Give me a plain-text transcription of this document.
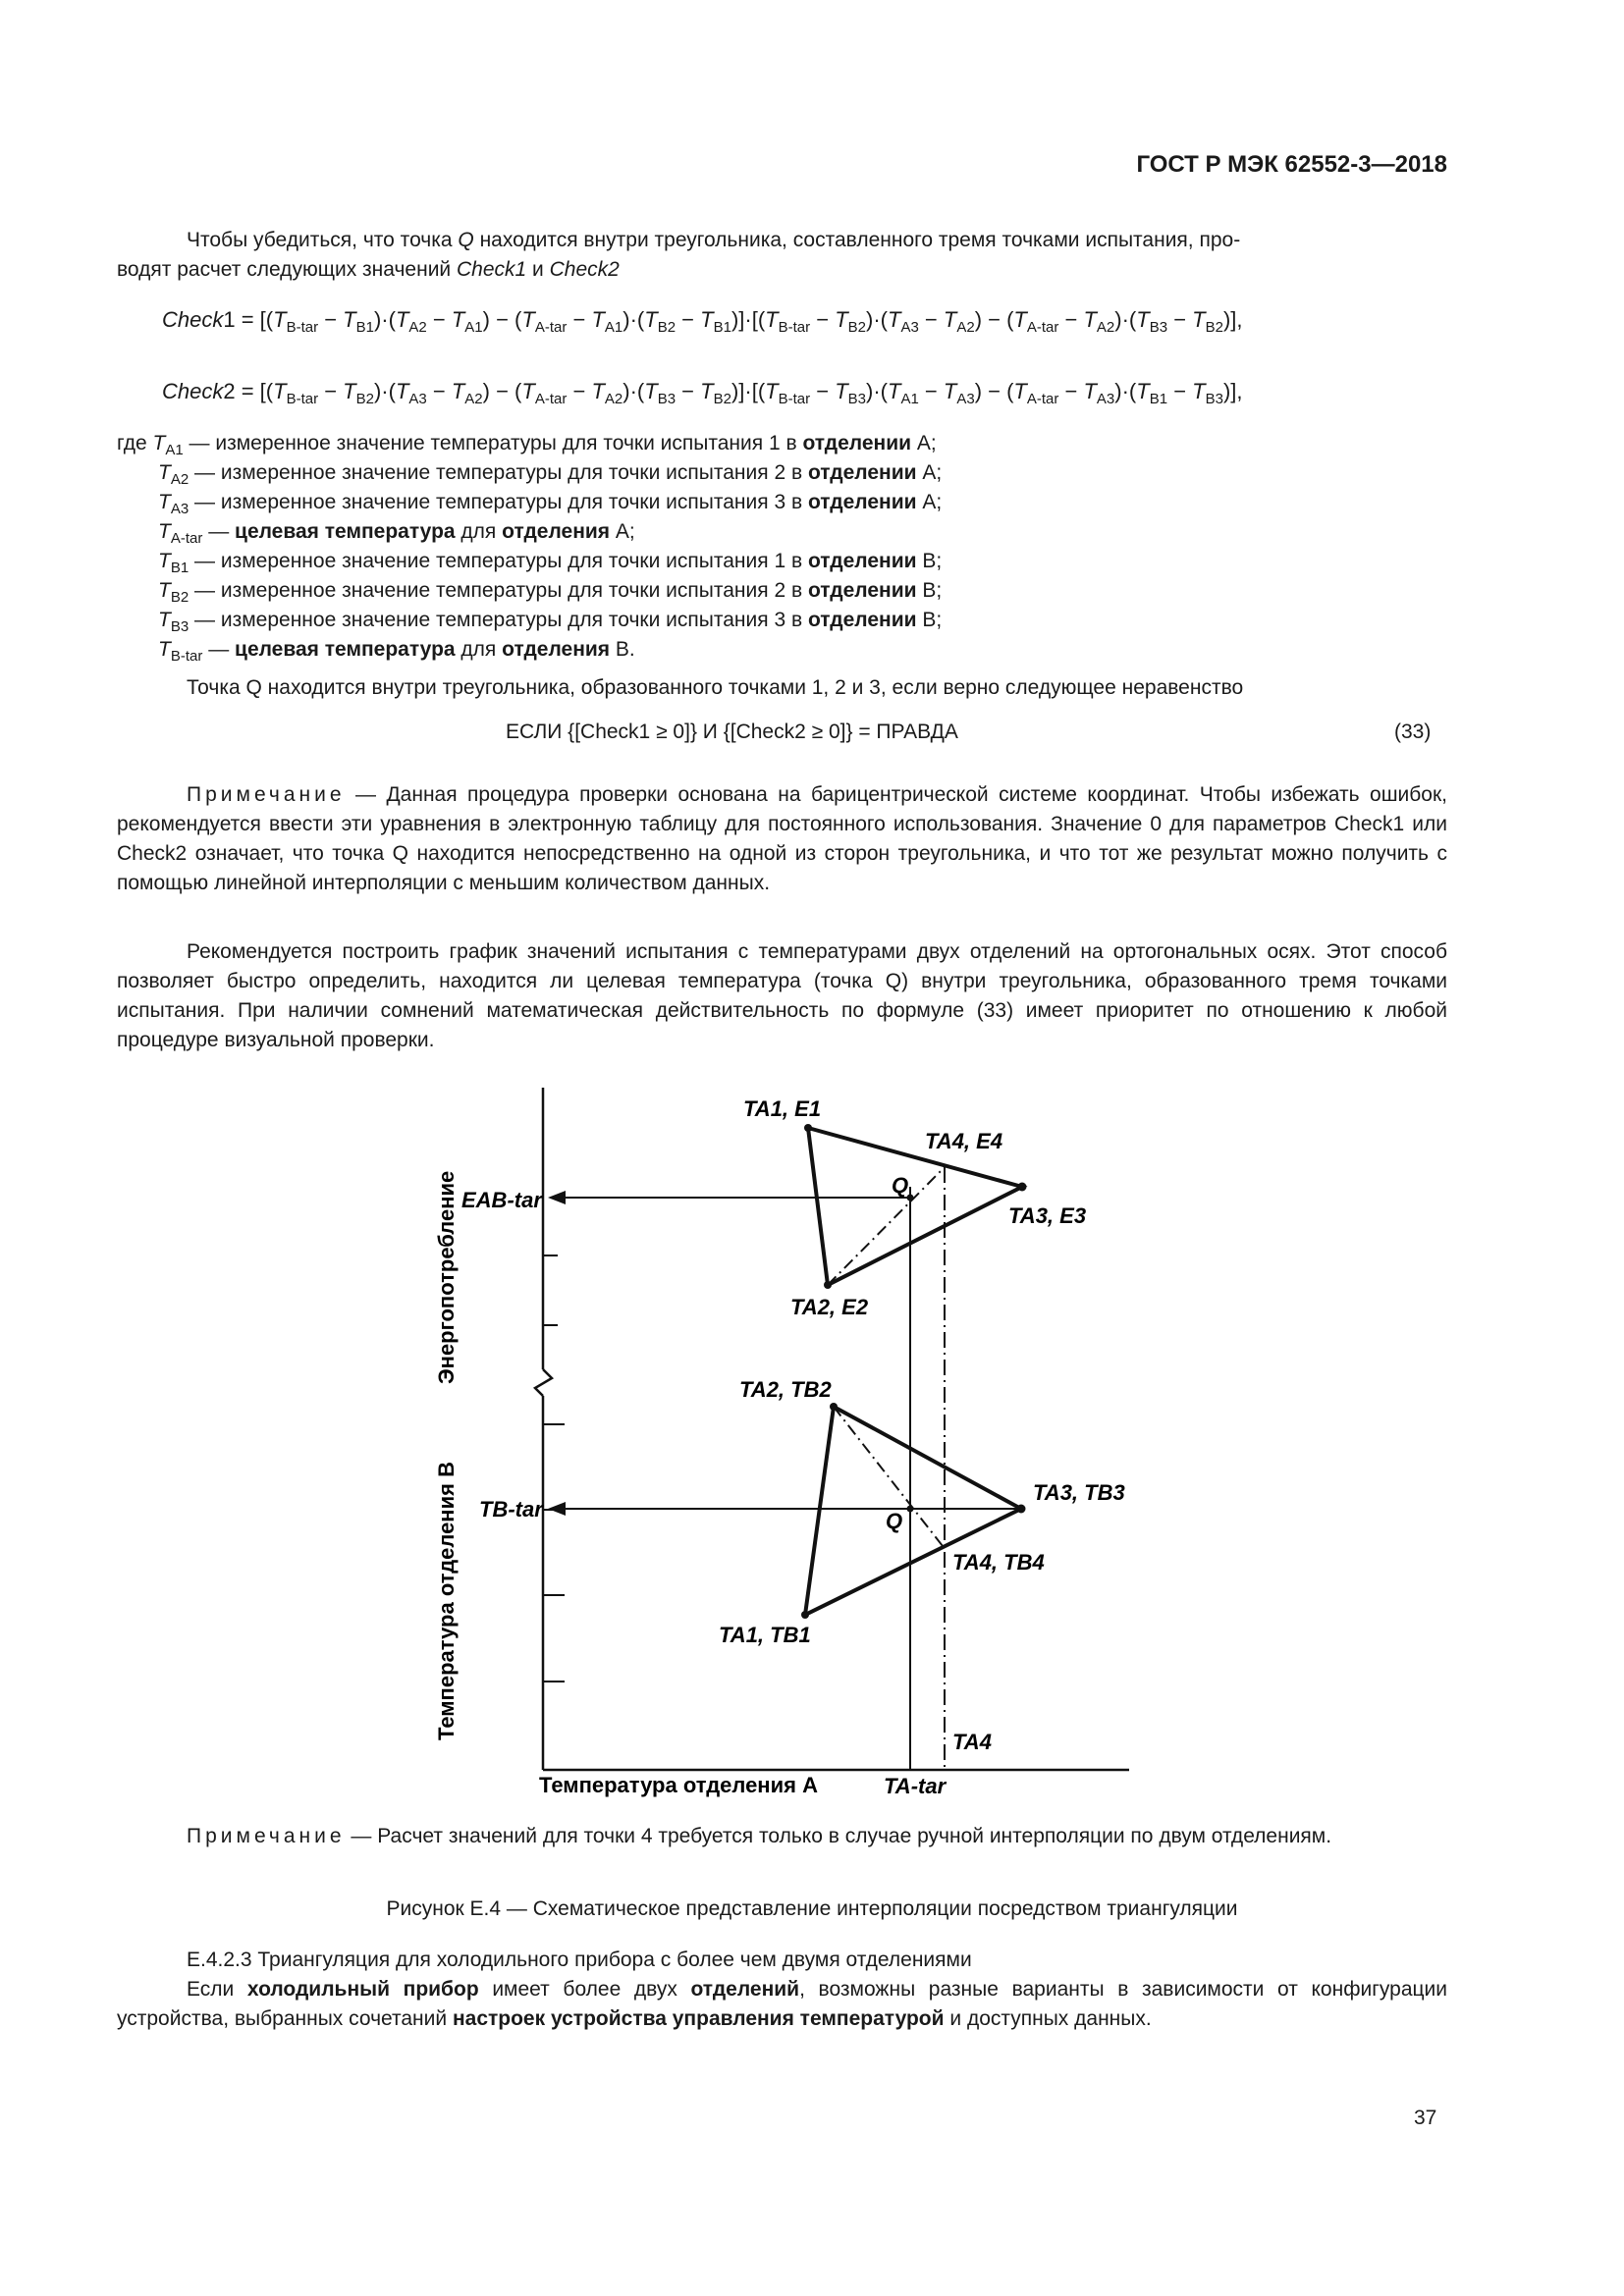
ГОСТ Р МЭК 62552-3—2018
Чтобы убедиться, что точка Q находится внутри треугольника, составленного тремя точками испытания, про-
водят расчет следующих значений Check1 и Check2
Check1 = $[(T_{B-tar} - T_{B1})\cdot(T_{A2} - T_{A1}) - (T_{A-tar} - T_{A1})\cdot(T_{B2} - T_{B1})]\cdot[(T_{B-tar} - T_{B2})\cdot(T_{A3} - T_{A2}) - (T_{A-tar} - T_{A2})\cdot(T_{B3} - T_{B2})]$,
Check2 = $[(T_{B-tar} - T_{B2})\cdot(T_{A3} - T_{A2}) - (T_{A-tar} - T_{A2})\cdot(T_{B3} - T_{B2})]\cdot[(T_{B-tar} - T_{B3})\cdot(T_{A1} - T_{A3}) - (T_{A-tar} - T_{A3})\cdot(T_{B1} - T_{B3})]$,
где $T_{A1}$ — измеренное значение температуры для точки испытания 1 в отделении А;
$T_{A2}$ — измеренное значение температуры для точки испытания 2 в отделении А;
$T_{A3}$ — измеренное значение температуры для точки испытания 3 в отделении А;
$T_{A-tar}$ — целевая температура для отделения А;
$T_{B1}$ — измеренное значение температуры для точки испытания 1 в отделении В;
$T_{B2}$ — измеренное значение температуры для точки испытания 2 в отделении В;
$T_{B3}$ — измеренное значение температуры для точки испытания 3 в отделении В;
$T_{B-tar}$ — целевая температура для отделения В.
Точка Q находится внутри треугольника, образованного точками 1, 2 и 3, если верно следующее неравенство
ЕСЛИ {[Check1 ≥ 0]} И {[Check2 ≥ 0]} = ПРАВДА	(33)
Примечание — Данная процедура проверки основана на барицентрической системе координат. Чтобы избежать ошибок, рекомендуется ввести эти уравнения в электронную таблицу для постоянного использования. Значение 0 для параметров Check1 или Check2 означает, что точка Q находится непосредственно на одной из сторон треугольника, и что тот же результат можно получить с помощью линейной интерполяции с меньшим количеством данных.
Рекомендуется построить график значений испытания с температурами двух отделений на ортогональных осях. Этот способ позволяет быстро определить, находится ли целевая температура (точка Q) внутри треугольника, образованного тремя точками испытания. При наличии сомнений математическая действительность по формуле (33) имеет приоритет по отношению к любой процедуре визуальной проверки.
TA1, E1
TA4, E4
Q
EAB-tar
TA3, E3
TA2, E2
TA2, TB2
TB-tar
TA3, TB3
Q
TA4, TB4
TA1, TB1
TA4
TA-tar
Температура отделения А
Энергопотребление
Температура отделения В
Примечание — Расчет значений для точки 4 требуется только в случае ручной интерполяции по двум отделениям.
Рисунок Е.4 — Схематическое представление интерполяции посредством триангуляции
Е.4.2.3 Триангуляция для холодильного прибора с более чем двумя отделениями
Если холодильный прибор имеет более двух отделений, возможны разные варианты в зависимости от конфигурации устройства, выбранных сочетаний настроек устройства управления температурой и доступных данных.
37
